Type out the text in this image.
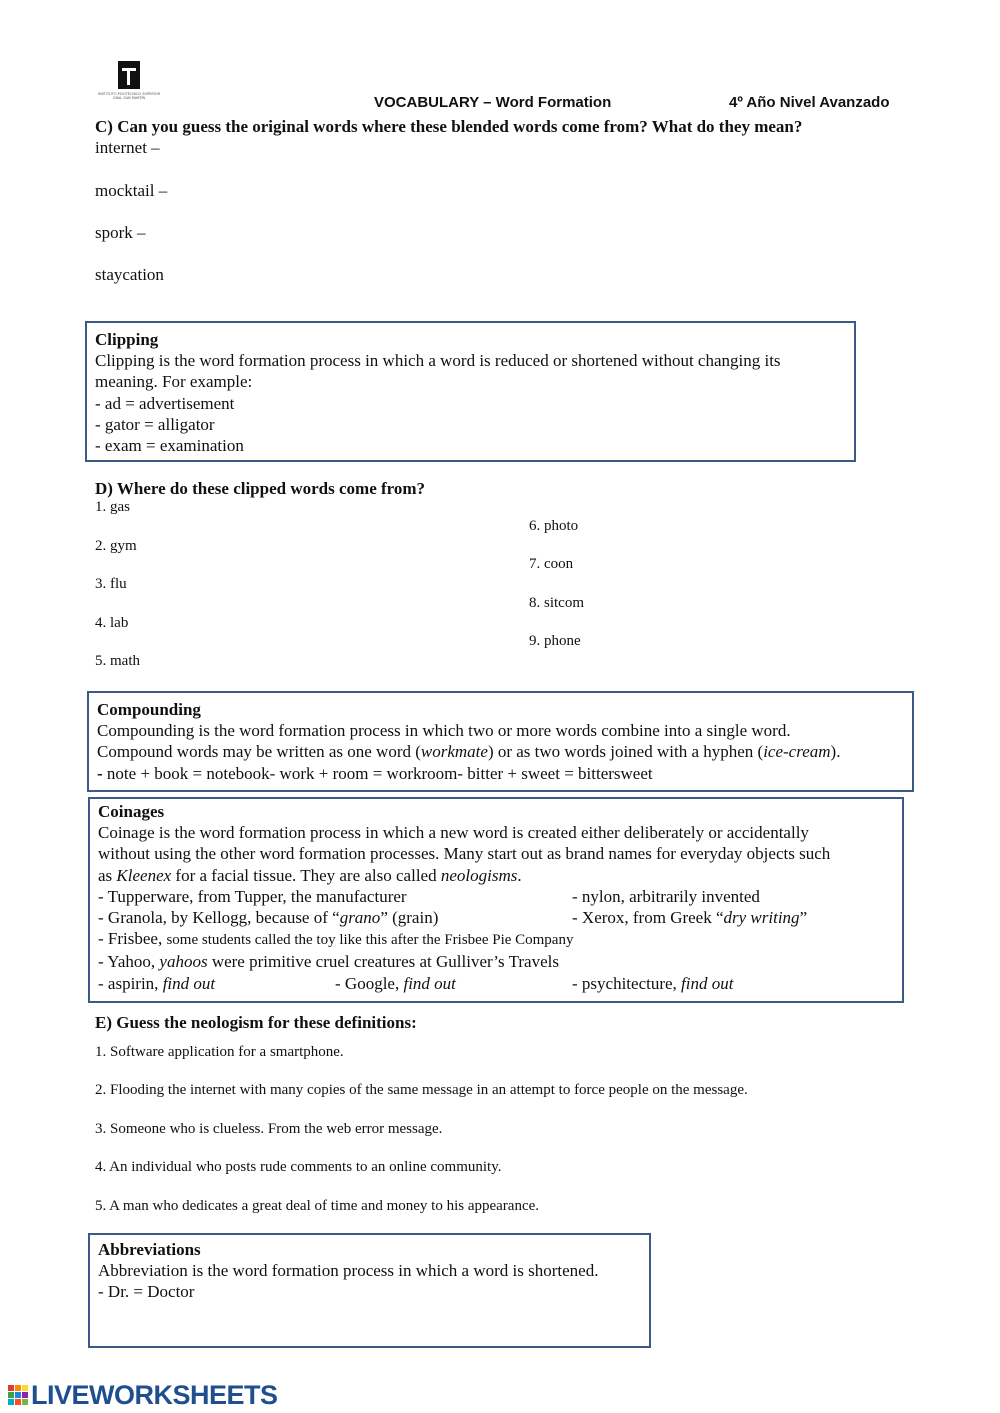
INSTITUTO POLITÉCNICO SUPERIOR GRAL SAN MARTÍN	VOCABULARY – Word Formation	4º Año Nivel Avanzado
C) Can you guess the original words where these blended words come from? What do they mean?
internet –
mocktail –
spork –
staycation
Clipping
Clipping is the word formation process in which a word is reduced or shortened without changing its
meaning. For example:
- ad = advertisement
- gator = alligator
- exam = examination
D) Where do these clipped words come from?
1. gas
2. gym
3. flu
4. lab
5. math
6. photo
7. coon
8. sitcom
9. phone
Compounding
Compounding is the word formation process in which two or more words combine into a single word.
Compound words may be written as one word (workmate) or as two words joined with a hyphen (ice-cream).
- note + book = notebook- work + room = workroom- bitter + sweet = bittersweet
Coinages
Coinage is the word formation process in which a new word is created either deliberately or accidentally
without using the other word formation processes. Many start out as brand names for everyday objects such
as Kleenex for a facial tissue. They are also called neologisms.
- Tupperware, from Tupper, the manufacturer	- nylon, arbitrarily invented
- Granola, by Kellogg, because of “grano” (grain)	- Xerox, from Greek “dry writing”
- Frisbee, some students called the toy like this after the Frisbee Pie Company
- Yahoo, yahoos were primitive cruel creatures at Gulliver’s Travels
- aspirin, find out	- Google, find out	- psychitecture, find out
E) Guess the neologism for these definitions:
1. Software application for a smartphone.
2. Flooding the internet with many copies of the same message in an attempt to force people on the message.
3. Someone who is clueless. From the web error message.
4. An individual who posts rude comments to an online community.
5. A man who dedicates a great deal of time and money to his appearance.
Abbreviations
Abbreviation is the word formation process in which a word is shortened.
- Dr. = Doctor
LIVEWORKSHEETS
